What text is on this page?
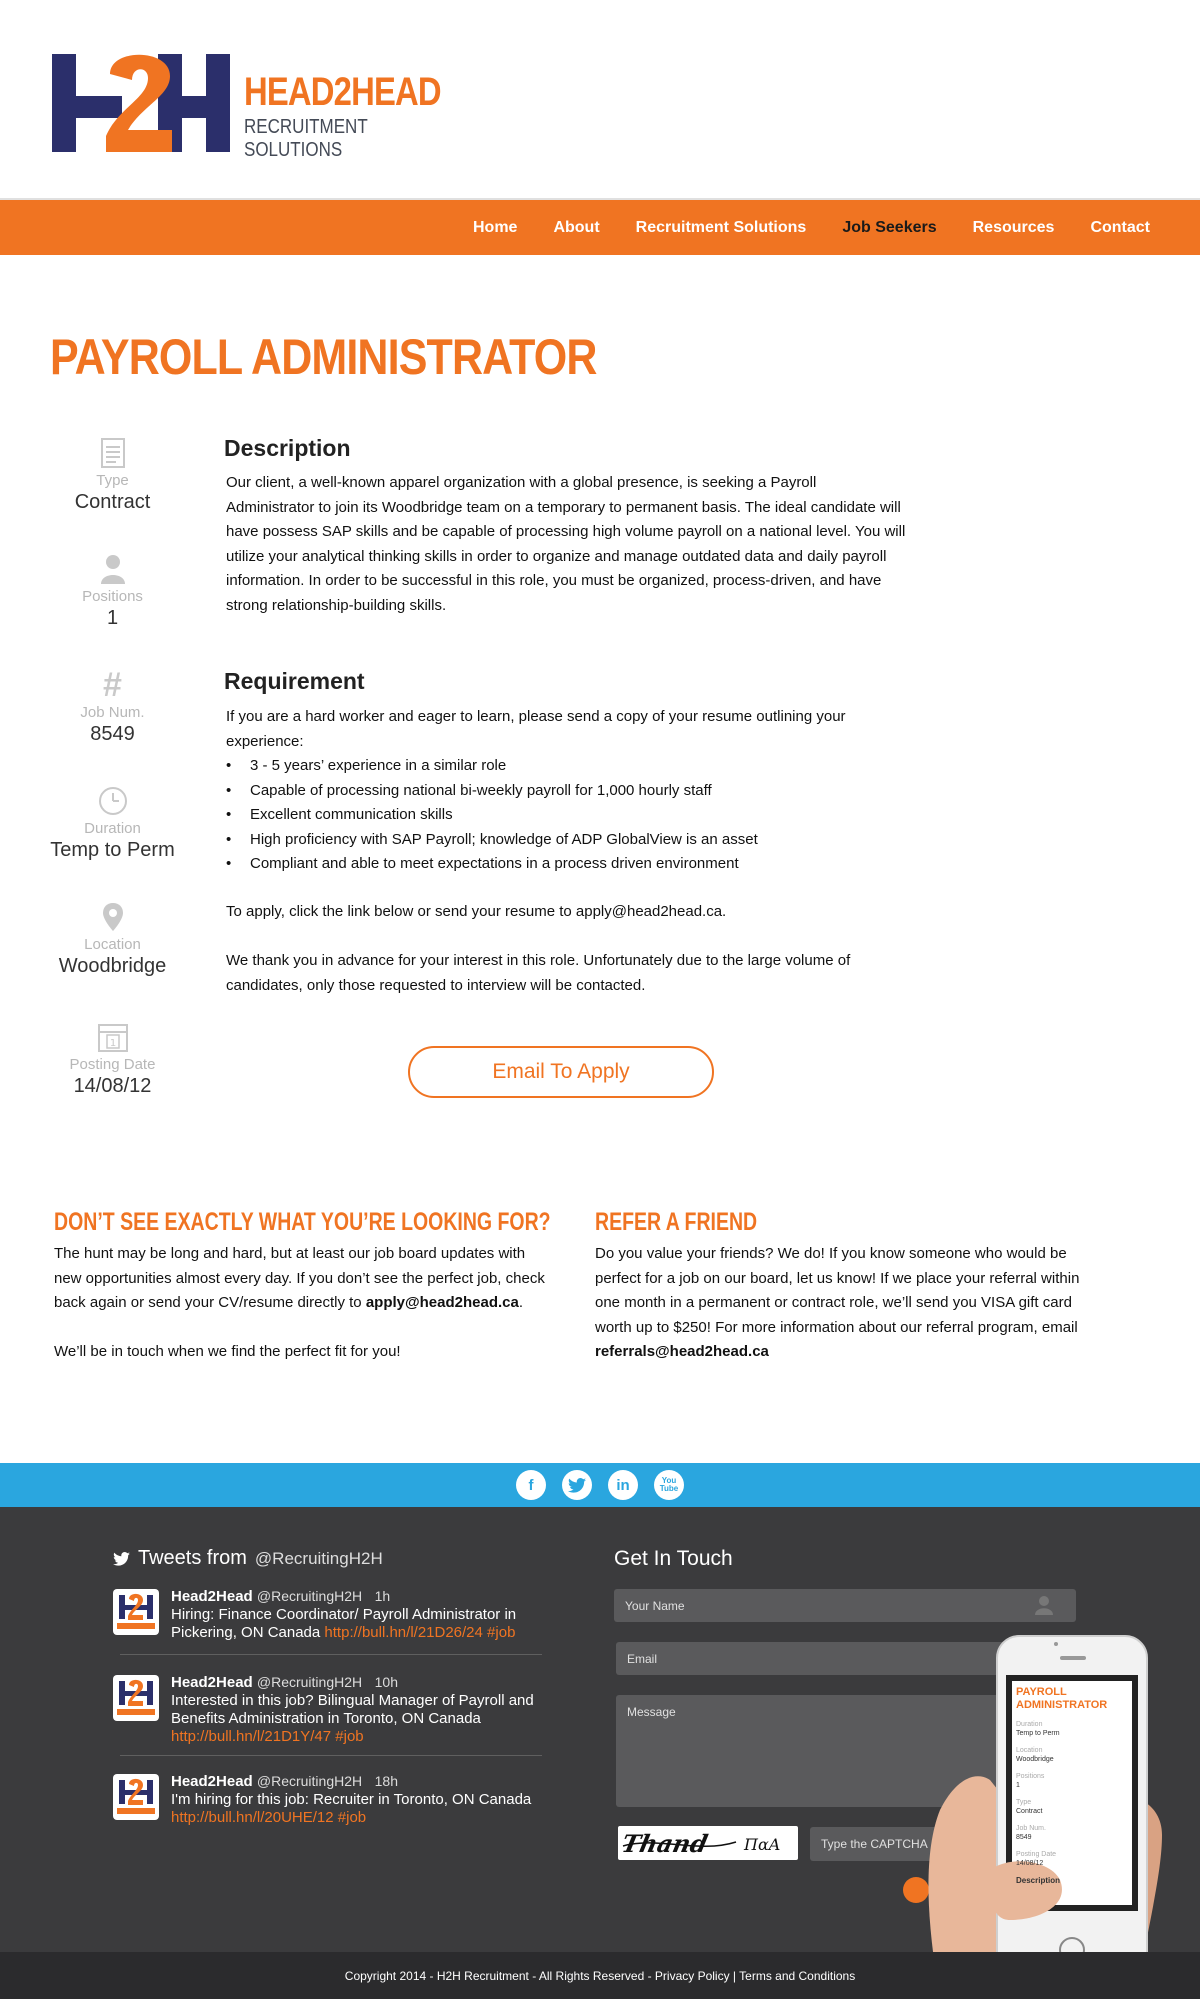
HEAD2HEAD
RECRUITMENT SOLUTIONS
Home About Recruitment Solutions Job Seekers Resources Contact
PAYROLL ADMINISTRATOR
Type
Contract
Positions
1
#
Job Num.
8549
Duration
Temp to Perm
Location
Woodbridge
1
Posting Date
14/08/12
Description

Our client, a well-known apparel organization with a global presence, is seeking a Payroll Administrator to join its Woodbridge team on a temporary to permanent basis. The ideal candidate will have possess SAP skills and be capable of processing high volume payroll on a national level. You will utilize your analytical thinking skills in order to organize and manage outdated data and daily payroll information. In order to be successful in this role, you must be organized, process-driven, and have strong relationship-building skills.

Requirement

If you are a hard worker and eager to learn, please send a copy of your resume outlining your experience:

• 3 - 5 years’ experience in a similar role
• Capable of processing national bi-weekly payroll for 1,000 hourly staff
• Excellent communication skills
• High proficiency with SAP Payroll; knowledge of ADP GlobalView is an asset
• Compliant and able to meet expectations in a process driven environment

To apply, click the link below or send your resume to apply@head2head.ca.

We thank you in advance for your interest in this role. Unfortunately due to the large volume of candidates, only those requested to interview will be contacted.

Email To Apply
DON’T SEE EXACTLY WHAT YOU’RE LOOKING FOR?
The hunt may be long and hard, but at least our job board updates with new opportunities almost every day. If you don’t see the perfect job, check back again or send your CV/resume directly to apply@head2head.ca.

We’ll be in touch when we find the perfect fit for you!
REFER A FRIEND
Do you value your friends? We do! If you know someone who would be perfect for a job on our board, let us know! If we place your referral within one month in a permanent or contract role, we’ll send you VISA gift card worth up to $250! For more information about our referral program, email referrals@head2head.ca
f	in	You Tube
Tweets from @RecruitingH2H
Head2Head @RecruitingH2H 1h
Hiring: Finance Coordinator/ Payroll Administrator in Pickering, ON Canada http://bull.hn/l/21D26/24 #job
Head2Head @RecruitingH2H 10h
Interested in this job? Bilingual Manager of Payroll and Benefits Administration in Toronto, ON Canada http://bull.hn/l/21D1Y/47 #job
Head2Head @RecruitingH2H 18h
I'm hiring for this job: Recruiter in Toronto, ON Canada
http://bull.hn/l/20UHE/12 #job
Get In Touch
Your Name
Email
Message
Thand ПαA	Type the CAPTCHA
PAYROLL ADMINISTRATOR
Duration
Temp to Perm
Location
Woodbridge
Positions
1
Type
Contract
Job Num.
8549
Posting Date
14/08/12
Description
Copyright 2014 - H2H Recruitment - All Rights Reserved - Privacy Policy | Terms and Conditions
